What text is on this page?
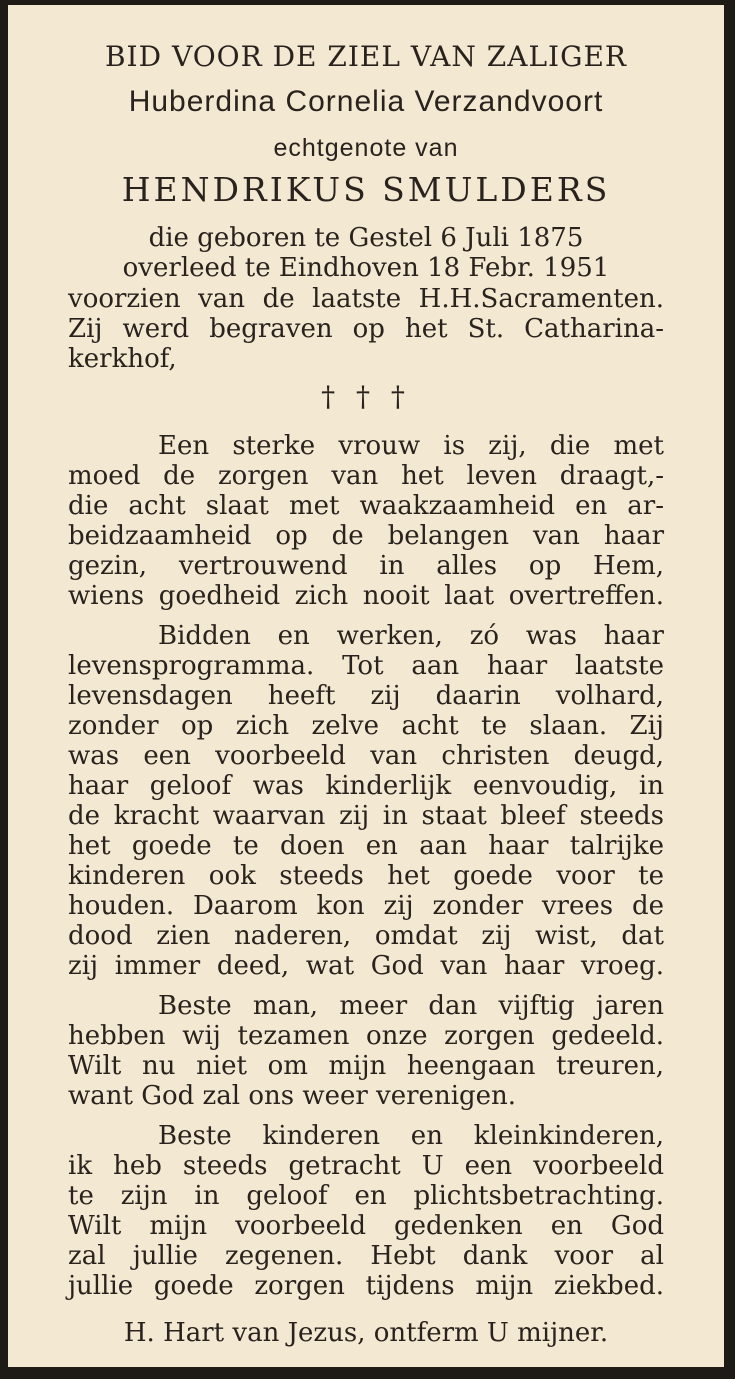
BID VOOR DE ZIEL VAN ZALIGER

Huberdina Cornelia Verzandvoort

echtgenote van

HENDRIKUS SMULDERS

die geboren te Gestel 6 Juli 1875

overleed te Eindhoven 18 Febr. 1951

voorzien van de laatste H.H.Sacramenten.

Zij werd begraven op het St. Catharina-

kerkhof,

† † †

Een sterke vrouw is zij, die met

moed de zorgen van het leven draagt,-

die acht slaat met waakzaamheid en ar-

beidzaamheid op de belangen van haar

gezin, vertrouwend in alles op Hem,

wiens goedheid zich nooit laat overtreffen.

Bidden en werken, zó was haar

levensprogramma. Tot aan haar laatste

levensdagen heeft zij daarin volhard,

zonder op zich zelve acht te slaan. Zij

was een voorbeeld van christen deugd,

haar geloof was kinderlijk eenvoudig, in

de kracht waarvan zij in staat bleef steeds

het goede te doen en aan haar talrijke

kinderen ook steeds het goede voor te

houden. Daarom kon zij zonder vrees de

dood zien naderen, omdat zij wist, dat

zij immer deed, wat God van haar vroeg.

Beste man, meer dan vijftig jaren

hebben wij tezamen onze zorgen gedeeld.

Wilt nu niet om mijn heengaan treuren,

want God zal ons weer verenigen.

Beste kinderen en kleinkinderen,

ik heb steeds getracht U een voorbeeld

te zijn in geloof en plichtsbetrachting.

Wilt mijn voorbeeld gedenken en God

zal jullie zegenen. Hebt dank voor al

jullie goede zorgen tijdens mijn ziekbed.

H. Hart van Jezus, ontferm U mijner.
